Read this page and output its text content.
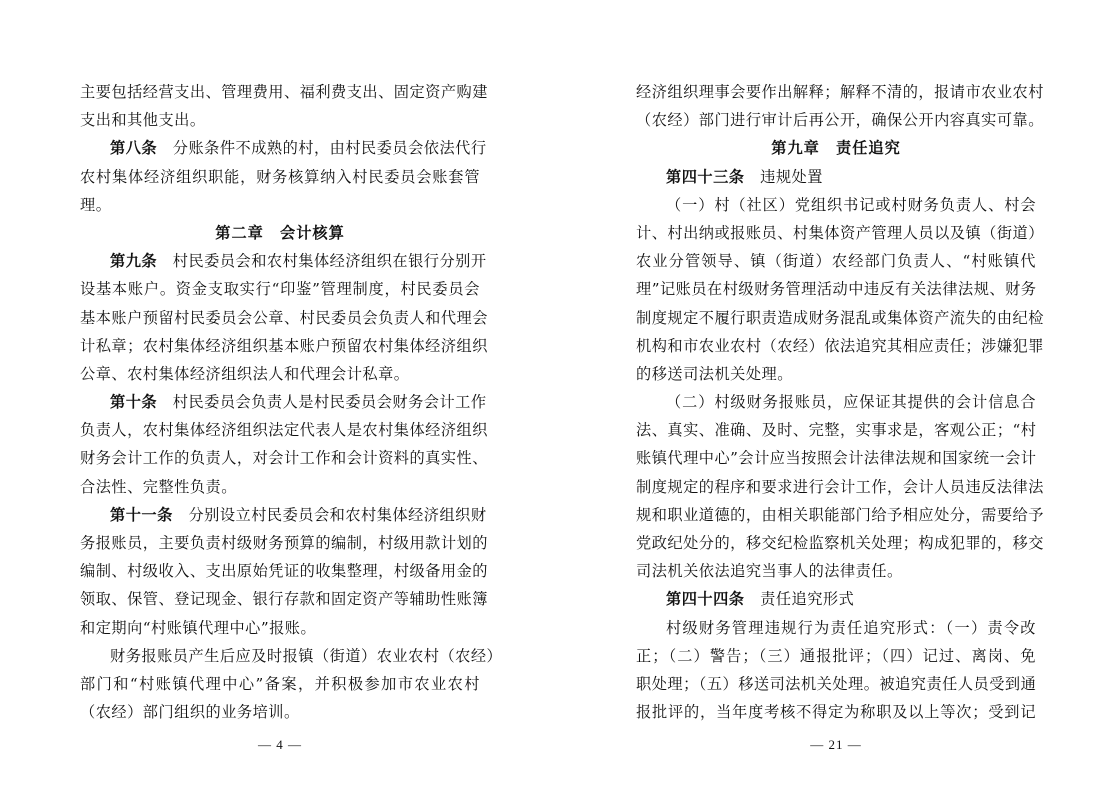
主要包括经营支出、管理费用、福利费支出、固定资产购建
支出和其他支出。
第八条　分账条件不成熟的村，由村民委员会依法代行
农村集体经济组织职能，财务核算纳入村民委员会账套管
理。
第二章　会计核算
第九条　村民委员会和农村集体经济组织在银行分别开
设基本账户。资金支取实行“印鉴”管理制度，村民委员会
基本账户预留村民委员会公章、村民委员会负责人和代理会
计私章；农村集体经济组织基本账户预留农村集体经济组织
公章、农村集体经济组织法人和代理会计私章。
第十条　村民委员会负责人是村民委员会财务会计工作
负责人，农村集体经济组织法定代表人是农村集体经济组织
财务会计工作的负责人，对会计工作和会计资料的真实性、
合法性、完整性负责。
第十一条　分别设立村民委员会和农村集体经济组织财
务报账员，主要负责村级财务预算的编制，村级用款计划的
编制、村级收入、支出原始凭证的收集整理，村级备用金的
领取、保管、登记现金、银行存款和固定资产等辅助性账簿
和定期向“村账镇代理中心”报账。
财务报账员产生后应及时报镇（街道）农业农村（农经）
部门和“村账镇代理中心”备案，并积极参加市农业农村
（农经）部门组织的业务培训。
— 4 —
经济组织理事会要作出解释；解释不清的，报请市农业农村
（农经）部门进行审计后再公开，确保公开内容真实可靠。
第九章　责任追究
第四十三条　违规处置
（一）村（社区）党组织书记或村财务负责人、村会
计、村出纳或报账员、村集体资产管理人员以及镇（街道）
农业分管领导、镇（街道）农经部门负责人、“村账镇代
理”记账员在村级财务管理活动中违反有关法律法规、财务
制度规定不履行职责造成财务混乱或集体资产流失的由纪检
机构和市农业农村（农经）依法追究其相应责任；涉嫌犯罪
的移送司法机关处理。
（二）村级财务报账员，应保证其提供的会计信息合
法、真实、准确、及时、完整，实事求是，客观公正；“村
账镇代理中心”会计应当按照会计法律法规和国家统一会计
制度规定的程序和要求进行会计工作，会计人员违反法律法
规和职业道德的，由相关职能部门给予相应处分，需要给予
党政纪处分的，移交纪检监察机关处理；构成犯罪的，移交
司法机关依法追究当事人的法律责任。
第四十四条　责任追究形式
村级财务管理违规行为责任追究形式：（一）责令改
正；（二）警告；（三）通报批评；（四）记过、离岗、免
职处理；（五）移送司法机关处理。被追究责任人员受到通
报批评的，当年度考核不得定为称职及以上等次；受到记
— 21 —
